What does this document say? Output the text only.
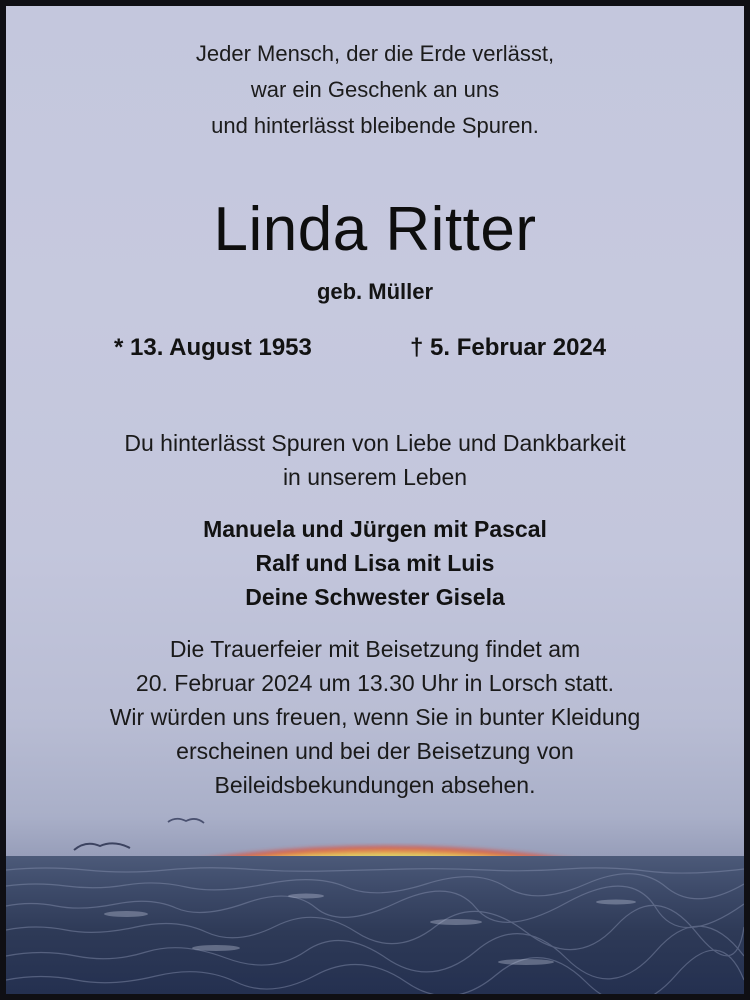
Jeder Mensch, der die Erde verlässt,
war ein Geschenk an uns
und hinterlässt bleibende Spuren.
Linda Ritter
geb. Müller
* 13. August 1953	† 5. Februar 2024
Du hinterlässt Spuren von Liebe und Dankbarkeit
in unserem Leben
Manuela und Jürgen mit Pascal
Ralf und Lisa mit Luis
Deine Schwester Gisela
Die Trauerfeier mit Beisetzung findet am
20. Februar 2024 um 13.30 Uhr in Lorsch statt.
Wir würden uns freuen, wenn Sie in bunter Kleidung
erscheinen und bei der Beisetzung von
Beileidsbekundungen absehen.
